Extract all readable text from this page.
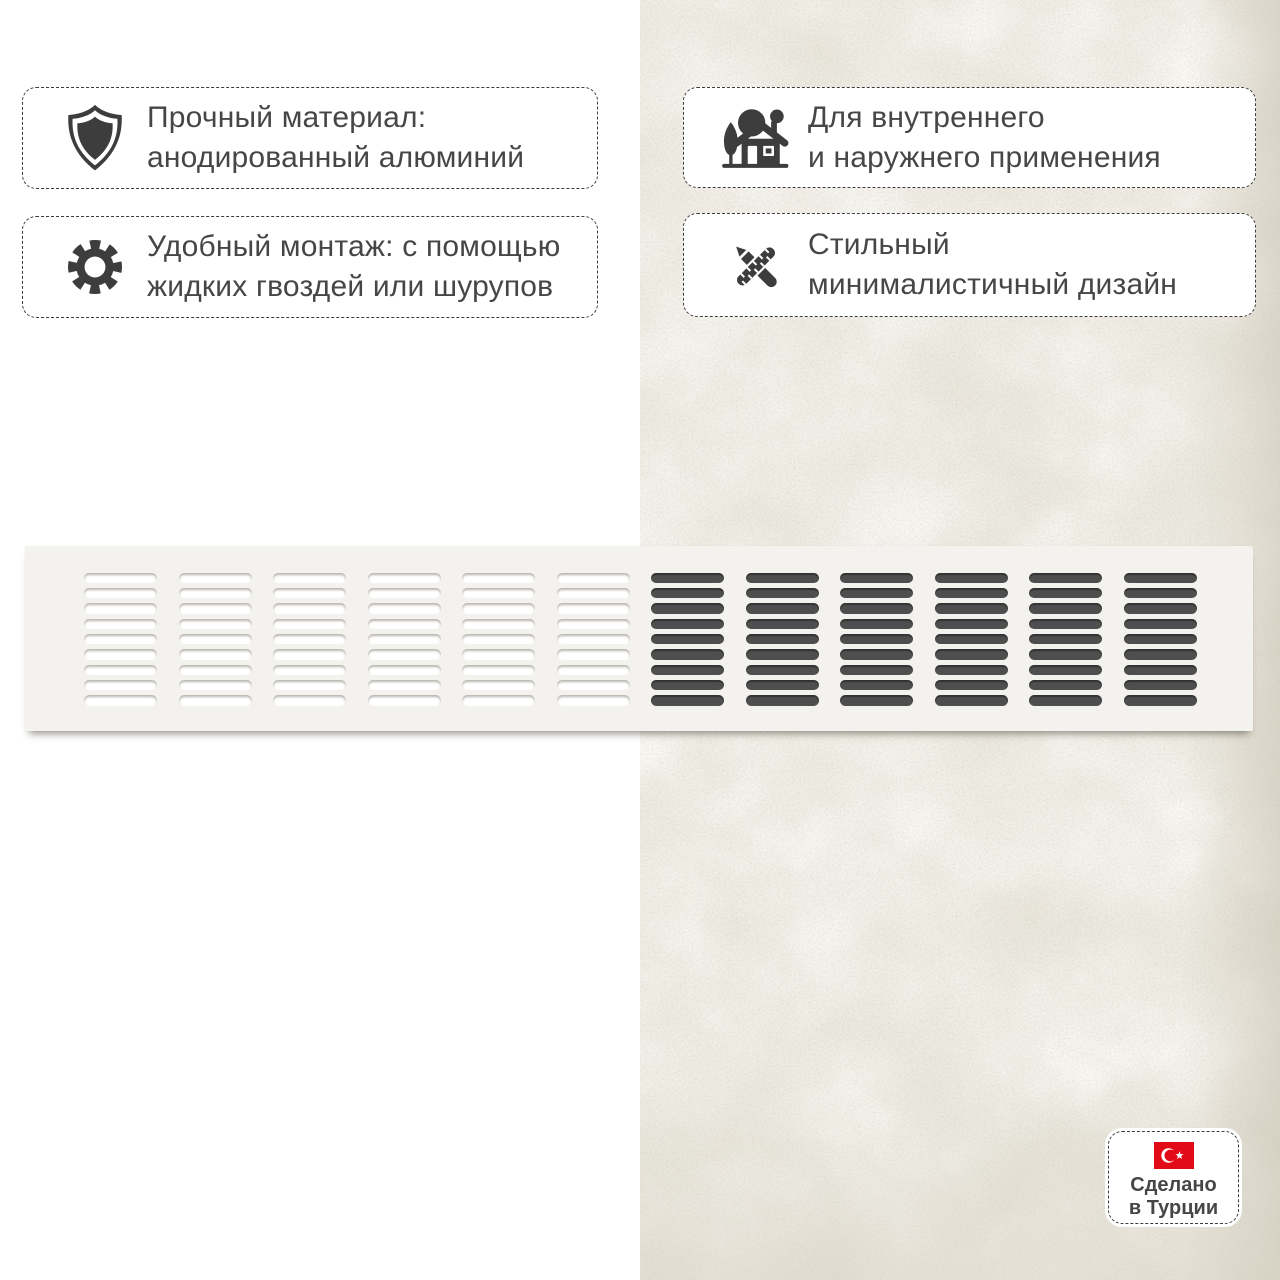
Прочный материал:
анодированный алюминий
Удобный монтаж: с помощью
жидких гвоздей или шурупов
Для внутреннего
и наружнего применения
Стильный
минималистичный дизайн
Сделано
в Турции
